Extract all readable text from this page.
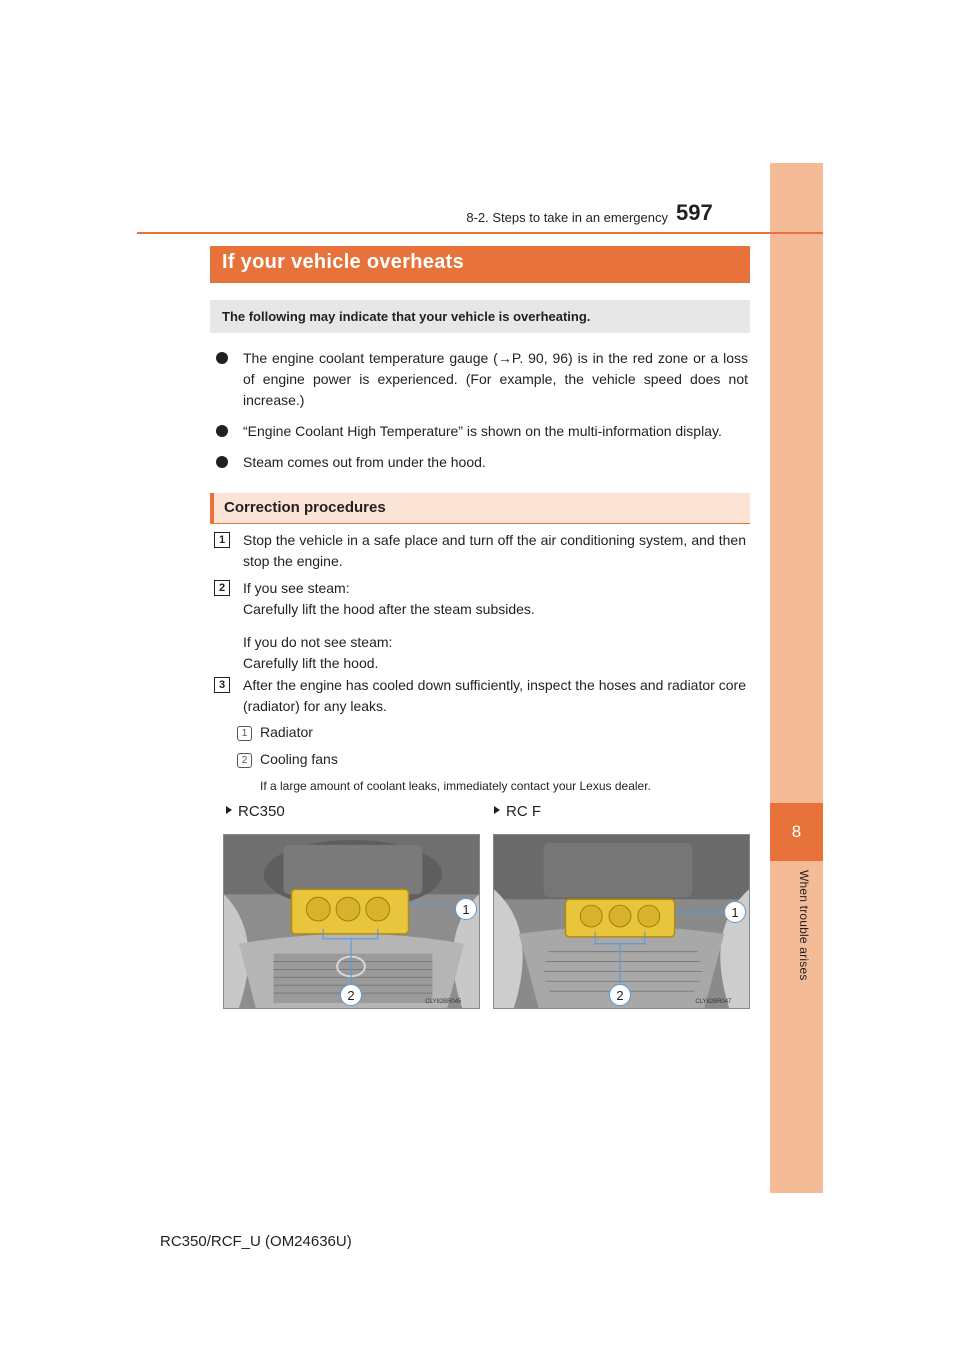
8
When trouble arises
8-2. Steps to take in an emergency 597
If your vehicle overheats
The following may indicate that your vehicle is overheating.
The engine coolant temperature gauge (→P. 90, 96) is in the red zone or a loss of engine power is experienced. (For example, the vehicle speed does not increase.)
“Engine Coolant High Temperature” is shown on the multi-information display.
Steam comes out from under the hood.
Correction procedures
1	Stop the vehicle in a safe place and turn off the air conditioning system, and then stop the engine.
2	If you see steam:
Carefully lift the hood after the steam subsides.
If you do not see steam:
Carefully lift the hood.
3	After the engine has cooled down sufficiently, inspect the hoses and radiator core (radiator) for any leaks.
1 Radiator
2 Cooling fans
If a large amount of coolant leaks, immediately contact your Lexus dealer.
RC350	RC F
CLY82BR045
1
2	CLY82BR047
1
2
RC350/RCF_U (OM24636U)
